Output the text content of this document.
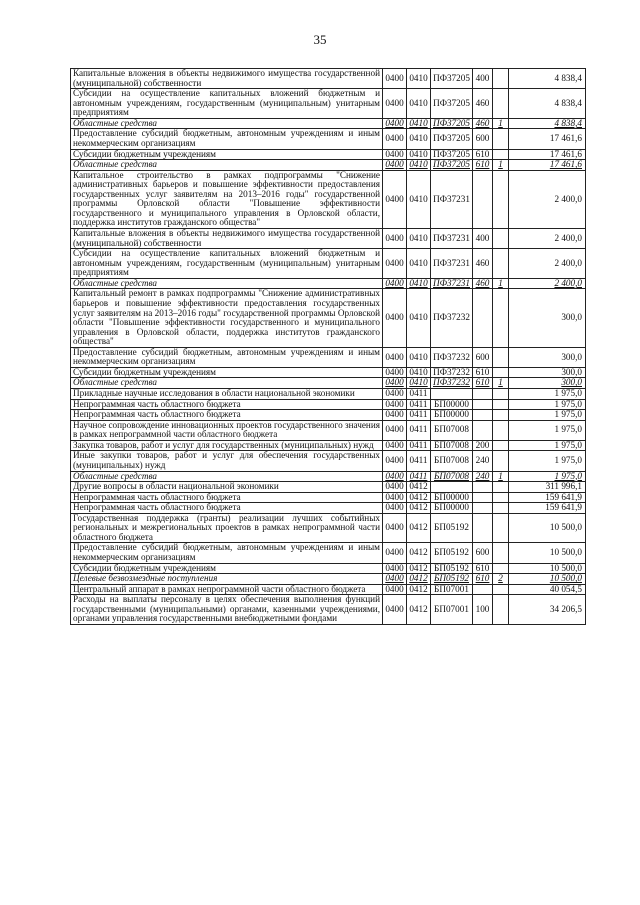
35
Капитальные вложения в объекты недвижимого имущества государственной (муниципальной) собственности	0400	0410	ПФ37205	400		4 838,4
Субсидии на осуществление капитальных вложений бюджетным и автономным учреждениям, государственным (муниципальным) унитарным предприятиям	0400	0410	ПФ37205	460		4 838,4
Областные средства	0400	0410	ПФ37205	460	1	4 838,4
Предоставление субсидий бюджетным, автономным учреждениям и иным некоммерческим организациям	0400	0410	ПФ37205	600		17 461,6
Субсидии бюджетным учреждениям	0400	0410	ПФ37205	610		17 461,6
Областные средства	0400	0410	ПФ37205	610	1	17 461,6
Капитальное строительство в рамках подпрограммы "Снижение административных барьеров и повышение эффективности предоставления государственных услуг заявителям на 2013–2016 годы" государственной программы Орловской области "Повышение эффективности государственного и муниципального управления в Орловской области, поддержка институтов гражданского общества"	0400	0410	ПФ37231			2 400,0
Капитальные вложения в объекты недвижимого имущества государственной (муниципальной) собственности	0400	0410	ПФ37231	400		2 400,0
Субсидии на осуществление капитальных вложений бюджетным и автономным учреждениям, государственным (муниципальным) унитарным предприятиям	0400	0410	ПФ37231	460		2 400,0
Областные средства	0400	0410	ПФ37231	460	1	2 400,0
Капитальный ремонт в рамках подпрограммы "Снижение административных барьеров и повышение эффективности предоставления государственных услуг заявителям на 2013–2016 годы" государственной программы Орловской области "Повышение эффективности государственного и муниципального управления в Орловской области, поддержка институтов гражданского общества"	0400	0410	ПФ37232			300,0
Предоставление субсидий бюджетным, автономным учреждениям и иным некоммерческим организациям	0400	0410	ПФ37232	600		300,0
Субсидии бюджетным учреждениям	0400	0410	ПФ37232	610		300,0
Областные средства	0400	0410	ПФ37232	610	1	300,0
Прикладные научные исследования в области национальной экономики	0400	0411				1 975,0
Непрограммная часть областного бюджета	0400	0411	БП00000			1 975,0
Непрограммная часть областного бюджета	0400	0411	БП00000			1 975,0
Научное сопровождение инновационных проектов государственного значения в рамках непрограммной части областного бюджета	0400	0411	БП07008			1 975,0
Закупка товаров, работ и услуг для государственных (муниципальных) нужд	0400	0411	БП07008	200		1 975,0
Иные закупки товаров, работ и услуг для обеспечения государственных (муниципальных) нужд	0400	0411	БП07008	240		1 975,0
Областные средства	0400	0411	БП07008	240	1	1 975,0
Другие вопросы в области национальной экономики	0400	0412				311 996,1
Непрограммная часть областного бюджета	0400	0412	БП00000			159 641,9
Непрограммная часть областного бюджета	0400	0412	БП00000			159 641,9
Государственная поддержка (гранты) реализации лучших событийных региональных и межрегиональных проектов в рамках непрограммной части областного бюджета	0400	0412	БП05192			10 500,0
Предоставление субсидий бюджетным, автономным учреждениям и иным некоммерческим организациям	0400	0412	БП05192	600		10 500,0
Субсидии бюджетным учреждениям	0400	0412	БП05192	610		10 500,0
Целевые безвозмездные поступления	0400	0412	БП05192	610	2	10 500,0
Центральный аппарат в рамках непрограммной части областного бюджета	0400	0412	БП07001			40 054,5
Расходы на выплаты персоналу в целях обеспечения выполнения функций государственными (муниципальными) органами, казенными учреждениями, органами управления государственными внебюджетными фондами	0400	0412	БП07001	100		34 206,5
